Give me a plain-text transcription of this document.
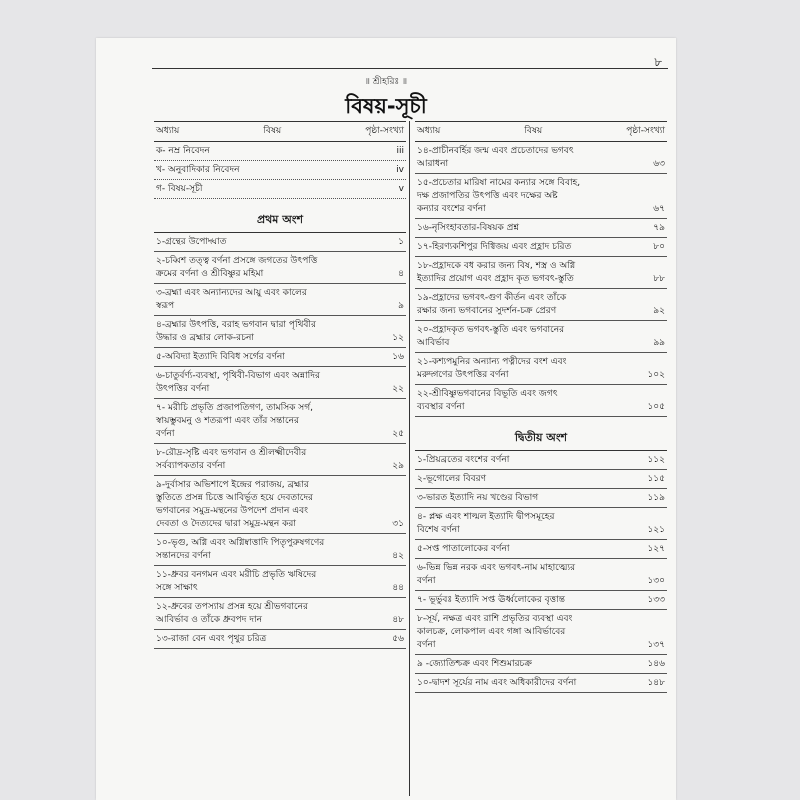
৮
॥ শ্রীহরিঃ ॥
বিষয়-সূচী
অধ্যায়	বিষয়	পৃষ্ঠা-সংখ্যা
ক- নম্র নিবেদন	iii
খ- অনুবাদিকার নিবেদন	iv
গ- বিষয়-সূচী	v
প্রথম অংশ
১-গ্রন্থের উপোদ্ঘাত	১
২-চব্বিশ তত্ত্ব বর্ণনা প্রসঙ্গে জগতের উৎপত্তি
ক্রমের বর্ণনা ও শ্রীবিষ্ণুর মহিমা	৪
৩-ব্রহ্মা এবং অন্যান্যদের আয়ু এবং কালের
স্বরূপ	৯
৪-ব্রহ্মার উৎপত্তি, বরাহ ভগবান দ্বারা পৃথিবীর
উদ্ধার ও ব্রহ্মার লোক-রচনা	১২
৫-অবিদ্যা ইত্যাদি বিবিধ সর্গের বর্ণনা	১৬
৬-চাতুর্বর্ণ্য-ব্যবস্থা, পৃথিবী-বিভাগ এবং অন্নাদির
উৎপত্তির বর্ণনা	২২
৭- মরীচি প্রভৃতি প্রজাপতিগণ, তামসিক সর্গ,
স্বায়ম্ভুবমনু ও শতরূপা এবং তাঁর সন্তানের
বর্ণনা	২৫
৮-রৌদ্র-সৃষ্টি এবং ভগবান ও শ্রীলক্ষ্মীদেবীর
সর্বব্যাপকতার বর্ণনা	২৯
৯-দুর্বাসার অভিশাপে ইন্দ্রের পরাজয়, ব্রহ্মার
স্তুতিতে প্রসন্ন চিত্তে আবির্ভূত হয়ে দেবতাদের
ভগবানের সমুদ্র-মন্থনের উপদেশ প্রদান এবং
দেবতা ও দৈত্যদের দ্বারা সমুদ্র-মন্থন করা	৩১
১০-ভৃগু, অগ্নি এবং অগ্নিষ্বাত্তাদি পিতৃপুরুষগণের
সন্তানদের বর্ণনা	৪২
১১-ধ্রুবর বনগমন এবং মরীচি প্রভৃতি ঋষিদের
সঙ্গে সাক্ষাৎ	৪৪
১২-ধ্রুবের তপস্যায় প্রসন্ন হয়ে শ্রীভগবানের
আবির্ভাব ও তাঁকে ধ্রুবপদ দান	৪৮
১৩-রাজা বেন এবং পৃথুর চরিত্র	৫৬
অধ্যায়	বিষয়	পৃষ্ঠা-সংখ্যা
১৪-প্রাচীনবর্হির জন্ম এবং প্রচেতাদের ভগবৎ
আরাধনা	৬৩
১৫-প্রচেতার মারিষা নামের কন্যার সঙ্গে বিবাহ,
দক্ষ প্রজাপতির উৎপত্তি এবং দক্ষের অষ্ট
কন্যার বংশের বর্ণনা	৬৭
১৬-নৃসিংহাবতার-বিষয়ক প্রশ্ন	৭৯
১৭-হিরণ্যকশিপুর দিগ্বিজয় এবং প্রহ্লাদ চরিত	৮০
১৮-প্রহ্লাদকে বধ করার জন্য বিষ, শস্ত্র ও অগ্নি
ইত্যাদির প্রয়োগ এবং প্রহ্লাদ কৃত ভগবৎ-স্তুতি	৮৮
১৯-প্রহ্লাদের ভগবৎ-গুণ কীর্তন এবং তাঁকে
রক্ষার জন্য ভগবানের সুদর্শন-চক্র প্রেরণ	৯২
২০-প্রহ্লাদকৃত ভগবৎ-স্তুতি এবং ভগবানের
আবির্ভাব	৯৯
২১-কশ্যপমুনির অন্যান্য পত্নীদের বংশ এবং
মরুদ্গণের উৎপত্তির বর্ণনা	১০২
২২-শ্রীবিষ্ণুভগবানের বিভূতি এবং জগৎ
ব্যবস্থার বর্ণনা	১০৫
দ্বিতীয় অংশ
১-প্রিয়ব্রতের বংশের বর্ণনা	১১২
২-ভূগোলের বিবরণ	১১৫
৩-ভারত ইত্যাদি নয় খণ্ডের বিভাগ	১১৯
৪- প্লক্ষ এবং শাল্মল ইত্যাদি দ্বীপসমূহের
বিশেষ বর্ণনা	১২১
৫-সপ্ত পাতালোকের বর্ণনা	১২৭
৬-ভিন্ন ভিন্ন নরক এবং ভগবৎ-নাম মাহাত্ম্যের
বর্ণনা	১৩০
৭- ভূর্ভুবঃ ইত্যাদি সপ্ত ঊর্ধ্বলোকের বৃত্তান্ত	১৩৩
৮-সূর্য, নক্ষত্র এবং রাশি প্রভৃতির ব্যবস্থা এবং
কালচক্র, লোকপাল এবং গঙ্গা আবির্ভাবের
বর্ণনা	১৩৭
৯ -জ্যোতিশ্চক্র এবং শিশুমারচক্র	১৪৬
১০-দ্বাদশ সূর্যের নাম এবং অধিকারীদের বর্ণনা	১৪৮
